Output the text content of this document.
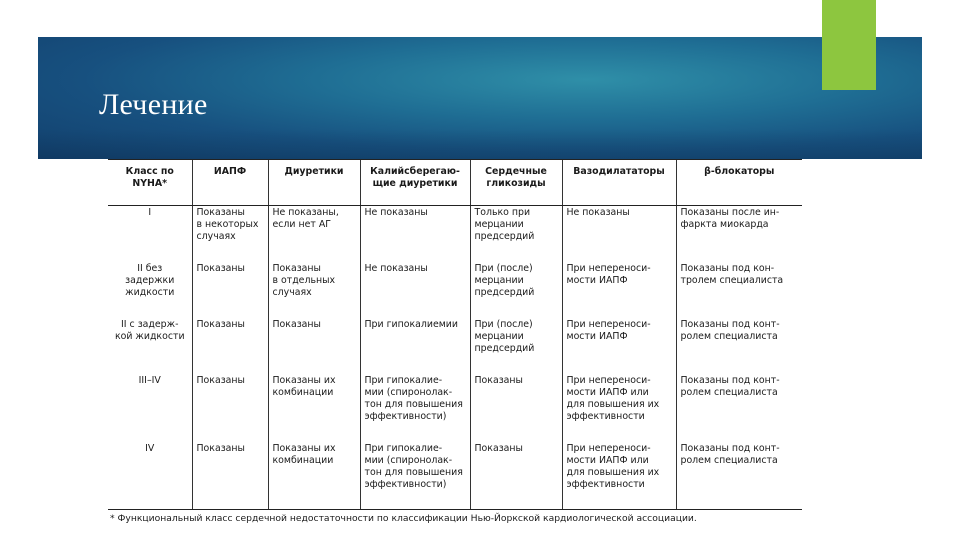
Лечение
Класс по
NYHA*	ИАПФ	Диуретики	Калийсберегаю-
щие диуретики	Сердечные
гликозиды	Вазодилататоры	β-блокаторы
I	Показаны
в некоторых
случаях	Не показаны,
если нет АГ	Не показаны	Только при
мерцании
предсердий	Не показаны	Показаны после ин-
фаркта миокарда
II без
задержки
жидкости	Показаны	Показаны
в отдельных
случаях	Не показаны	При (после)
мерцании
предсердий	При непереноси-
мости ИАПФ	Показаны под кон-
тролем специалиста
II с задерж-
кой жидкости	Показаны	Показаны	При гипокалиемии	При (после)
мерцании
предсердий	При непереноси-
мости ИАПФ	Показаны под конт-
ролем специалиста
III–IV	Показаны	Показаны их
комбинации	При гипокалие-
мии (спиронолак-
тон для повышения
эффективности)	Показаны	При непереноси-
мости ИАПФ или
для повышения их
эффективности	Показаны под конт-
ролем специалиста
IV	Показаны	Показаны их
комбинации	При гипокалие-
мии (спиронолак-
тон для повышения
эффективности)	Показаны	При непереноси-
мости ИАПФ или
для повышения их
эффективности	Показаны под конт-
ролем специалиста
* Функциональный класс сердечной недостаточности по классификации Нью-Йоркской кардиологической ассоциации.
